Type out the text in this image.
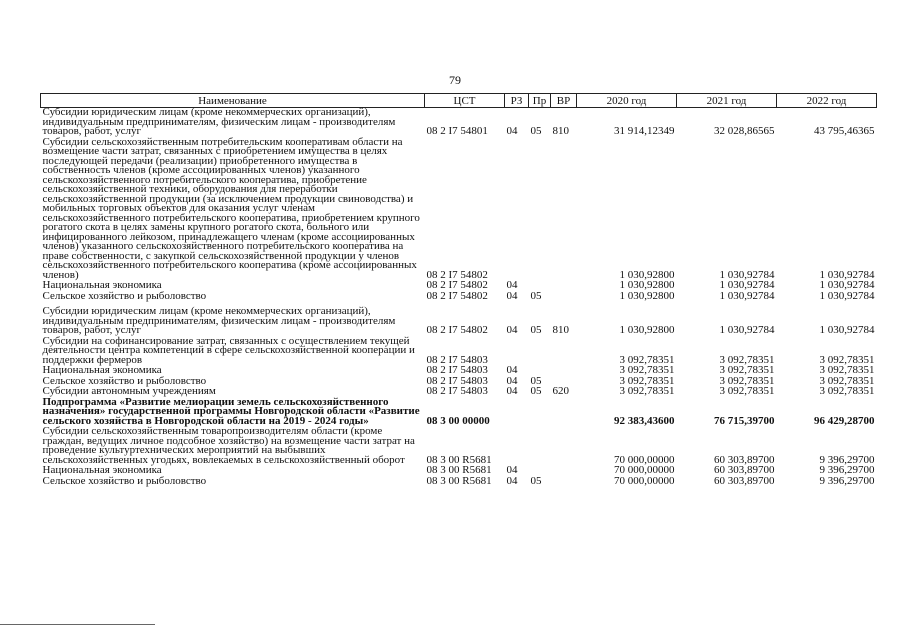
79
Наименование	ЦСТ	РЗ	Пр	ВР	2020 год	2021 год	2022 год
Субсидии юридическим лицам (кроме некоммерческих организаций), индивидуальным предпринимателям, физическим лицам - производителям товаров, работ, услуг	08 2 I7 54801	04	05	810	31 914,12349	32 028,86565	43 795,46365
Субсидии сельскохозяйственным потребительским кооперативам области на возмещение части затрат, связанных с приобретением имущества в целях последующей передачи (реализации) приобретенного имущества в собственность членов (кроме ассоциированных членов) указанного сельскохозяйственного потребительского кооператива, приобретение сельскохозяйственной техники, оборудования для переработки сельскохозяйственной продукции (за исключением продукции свиноводства) и мобильных торговых объектов для оказания услуг членам сельскохозяйственного потребительского кооператива, приобретением крупного рогатого скота в целях замены крупного рогатого скота, больного или инфицированного лейкозом, принадлежащего членам (кроме ассоциированных членов) указанного сельскохозяйственного потребительского кооператива на праве собственности, с закупкой сельскохозяйственной продукции у членов сельскохозяйственного потребительского кооператива (кроме ассоциированных членов)	08 2 I7 54802				1 030,92800	1 030,92784	1 030,92784
Национальная экономика	08 2 I7 54802	04			1 030,92800	1 030,92784	1 030,92784
Сельское хозяйство и рыболовство	08 2 I7 54802	04	05		1 030,92800	1 030,92784	1 030,92784
Субсидии юридическим лицам (кроме некоммерческих организаций), индивидуальным предпринимателям, физическим лицам - производителям товаров, работ, услуг	08 2 I7 54802	04	05	810	1 030,92800	1 030,92784	1 030,92784
Субсидии на софинансирование затрат, связанных с осуществлением текущей деятельности центра компетенций в сфере сельскохозяйственной кооперации и поддержки фермеров	08 2 I7 54803				3 092,78351	3 092,78351	3 092,78351
Национальная экономика	08 2 I7 54803	04			3 092,78351	3 092,78351	3 092,78351
Сельское хозяйство и рыболовство	08 2 I7 54803	04	05		3 092,78351	3 092,78351	3 092,78351
Субсидии автономным учреждениям	08 2 I7 54803	04	05	620	3 092,78351	3 092,78351	3 092,78351
Подпрограмма «Развитие мелиорации земель сельскохозяйственного назначения» государственной программы Новгородской области «Развитие сельского хозяйства в Новгородской области на 2019 - 2024 годы»	08 3 00 00000				92 383,43600	76 715,39700	96 429,28700
Субсидии сельскохозяйственным товаропроизводителям области (кроме граждан, ведущих личное подсобное хозяйство) на возмещение части затрат на проведение культуртехнических мероприятий на выбывших сельскохозяйственных угодьях, вовлекаемых в сельскохозяйственный оборот	08 3 00 R5681				70 000,00000	60 303,89700	9 396,29700
Национальная экономика	08 3 00 R5681	04			70 000,00000	60 303,89700	9 396,29700
Сельское хозяйство и рыболовство	08 3 00 R5681	04	05		70 000,00000	60 303,89700	9 396,29700
